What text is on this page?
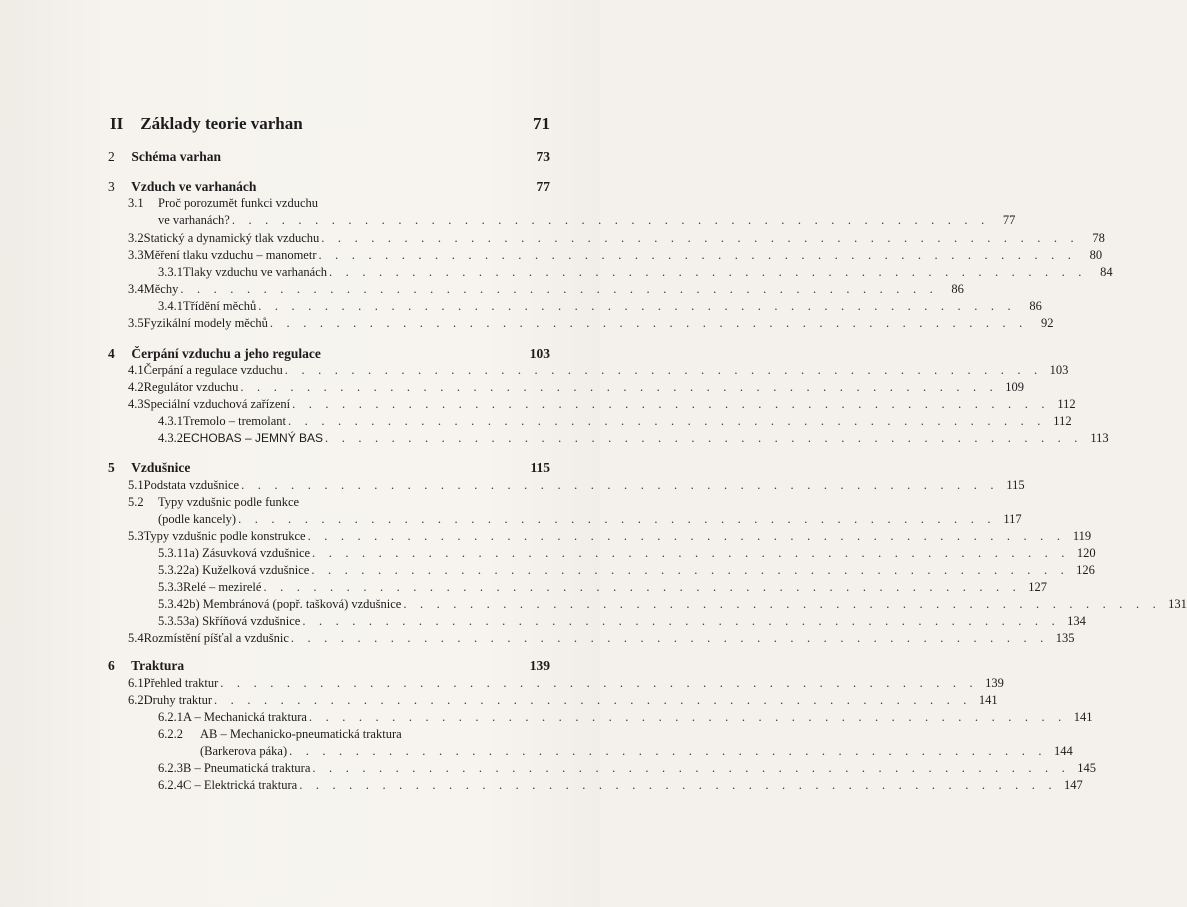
II Základy teorie varhan	71
2 Schéma varhan	73
3 Vzduch ve varhanách	77
3.1	Proč porozumět funkci vzduchu
ve varhanách? . . . . . . . . . . . . . . . . . . . . . . . . . . . . . . . . . . . . . . . . . . . . . .	77
3.2 Statický a dynamický tlak vzduchu . . . . . . . . . . . . . . . . . . . . . . . . . . . . . . . . . . . . . . . . . . . . . .	78
3.3 Měření tlaku vzduchu – manometr . . . . . . . . . . . . . . . . . . . . . . . . . . . . . . . . . . . . . . . . . . . . . .	80
3.3.1 Tlaky vzduchu ve varhanách . . . . . . . . . . . . . . . . . . . . . . . . . . . . . . . . . . . . . . . . . . . . . .	84
3.4 Měchy . . . . . . . . . . . . . . . . . . . . . . . . . . . . . . . . . . . . . . . . . . . . . .	86
3.4.1 Třídění měchů . . . . . . . . . . . . . . . . . . . . . . . . . . . . . . . . . . . . . . . . . . . . . .	86
3.5 Fyzikální modely měchů . . . . . . . . . . . . . . . . . . . . . . . . . . . . . . . . . . . . . . . . . . . . . .	92
4 Čerpání vzduchu a jeho regulace	103
4.1 Čerpání a regulace vzduchu . . . . . . . . . . . . . . . . . . . . . . . . . . . . . . . . . . . . . . . . . . . . . . 103
4.2 Regulátor vzduchu . . . . . . . . . . . . . . . . . . . . . . . . . . . . . . . . . . . . . . . . . . . . . . 109
4.3 Speciální vzduchová zařízení . . . . . . . . . . . . . . . . . . . . . . . . . . . . . . . . . . . . . . . . . . . . . . 112
4.3.1 Tremolo – tremolant . . . . . . . . . . . . . . . . . . . . . . . . . . . . . . . . . . . . . . . . . . . . . . 112
4.3.2 ECHOBAS – JEMNÝ BAS . . . . . . . . . . . . . . . . . . . . . . . . . . . . . . . . . . . . . . . . . . . . . . 113
5 Vzdušnice	115
5.1 Podstata vzdušnice . . . . . . . . . . . . . . . . . . . . . . . . . . . . . . . . . . . . . . . . . . . . . . 115
5.2	Typy vzdušnic podle funkce
(podle kancely) . . . . . . . . . . . . . . . . . . . . . . . . . . . . . . . . . . . . . . . . . . . . . . 117
5.3 Typy vzdušnic podle konstrukce . . . . . . . . . . . . . . . . . . . . . . . . . . . . . . . . . . . . . . . . . . . . . . 119
5.3.1 1a) Zásuvková vzdušnice . . . . . . . . . . . . . . . . . . . . . . . . . . . . . . . . . . . . . . . . . . . . . . 120
5.3.2 2a) Kuželková vzdušnice . . . . . . . . . . . . . . . . . . . . . . . . . . . . . . . . . . . . . . . . . . . . . . 126
5.3.3 Relé – mezirelé . . . . . . . . . . . . . . . . . . . . . . . . . . . . . . . . . . . . . . . . . . . . . . 127
5.3.4 2b) Membránová (popř. tašková) vzdušnice . . . . . . . . . . . . . . . . . . . . . . . . . . . . . . . . . . . . . . . . . . . . . . 131
5.3.5 3a) Skříňová vzdušnice . . . . . . . . . . . . . . . . . . . . . . . . . . . . . . . . . . . . . . . . . . . . . . 134
5.4 Rozmístění píšťal a vzdušnic . . . . . . . . . . . . . . . . . . . . . . . . . . . . . . . . . . . . . . . . . . . . . . 135
6 Traktura	139
6.1 Přehled traktur . . . . . . . . . . . . . . . . . . . . . . . . . . . . . . . . . . . . . . . . . . . . . . 139
6.2 Druhy traktur . . . . . . . . . . . . . . . . . . . . . . . . . . . . . . . . . . . . . . . . . . . . . . 141
6.2.1 A – Mechanická traktura . . . . . . . . . . . . . . . . . . . . . . . . . . . . . . . . . . . . . . . . . . . . . . 141
6.2.2	AB – Mechanicko-pneumatická traktura
(Barkerova páka) . . . . . . . . . . . . . . . . . . . . . . . . . . . . . . . . . . . . . . . . . . . . . . 144
6.2.3 B – Pneumatická traktura . . . . . . . . . . . . . . . . . . . . . . . . . . . . . . . . . . . . . . . . . . . . . . 145
6.2.4 C – Elektrická traktura . . . . . . . . . . . . . . . . . . . . . . . . . . . . . . . . . . . . . . . . . . . . . . 147
